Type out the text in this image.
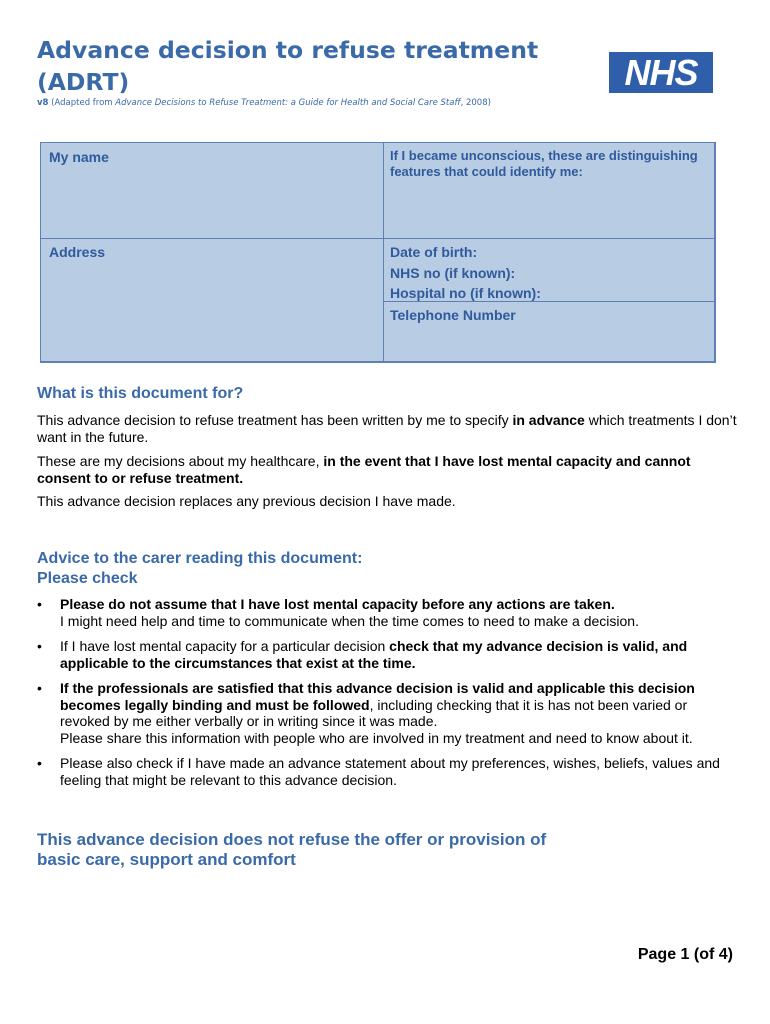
Advance decision to refuse treatment
(ADRT)
v8 (Adapted from Advance Decisions to Refuse Treatment: a Guide for Health and Social Care Staff, 2008)
NHS
My name	If I became unconscious, these are distinguishing features that could identify me:
Address	Date of birth:
NHS no (if known):
Hospital no (if known):
Telephone Number
What is this document for?
This advance decision to refuse treatment has been written by me to specify in advance which treatments I don’t want in the future.
These are my decisions about my healthcare, in the event that I have lost mental capacity and cannot consent to or refuse treatment.
This advance decision replaces any previous decision I have made.
Advice to the carer reading this document:
Please check
• Please do not assume that I have lost mental capacity before any actions are taken.
I might need help and time to communicate when the time comes to need to make a decision.
• If I have lost mental capacity for a particular decision check that my advance decision is valid, and applicable to the circumstances that exist at the time.
• If the professionals are satisfied that this advance decision is valid and applicable this decision becomes legally binding and must be followed, including checking that it is has not been varied or revoked by me either verbally or in writing since it was made.
Please share this information with people who are involved in my treatment and need to know about it.
• Please also check if I have made an advance statement about my preferences, wishes, beliefs, values and feeling that might be relevant to this advance decision.
This advance decision does not refuse the offer or provision of
basic care, support and comfort
Page 1 (of 4)
